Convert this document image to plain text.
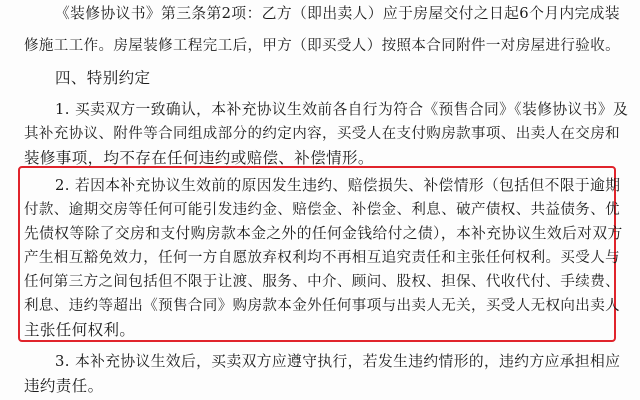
《装修协议书》第三条第2项：乙方（即出卖人）应于房屋交付之日起6个月内完成装
修施工工作。房屋装修工程完工后，甲方（即买受人）按照本合同附件一对房屋进行验收。
四、特别约定
1. 买卖双方一致确认，本补充协议生效前各自行为符合《预售合同》《装修协议书》及
其补充协议、附件等合同组成部分的约定内容，买受人在支付购房款事项、出卖人在交房和
装修事项，均不存在任何违约或赔偿、补偿情形。
2. 若因本补充协议生效前的原因发生违约、赔偿损失、补偿情形（包括但不限于逾期
付款、逾期交房等任何可能引发违约金、赔偿金、补偿金、利息、破产债权、共益债务、优
先债权等除了交房和支付购房款本金之外的任何金钱给付之债），本补充协议生效后对双方
产生相互豁免效力，任何一方自愿放弃权利均不再相互追究责任和主张任何权利。买受人与
任何第三方之间包括但不限于让渡、服务、中介、顾问、股权、担保、代收代付、手续费、
利息、违约等超出《预售合同》购房款本金外任何事项与出卖人无关，买受人无权向出卖人
主张任何权利。
3. 本补充协议生效后，买卖双方应遵守执行，若发生违约情形的，违约方应承担相应
违约责任。
